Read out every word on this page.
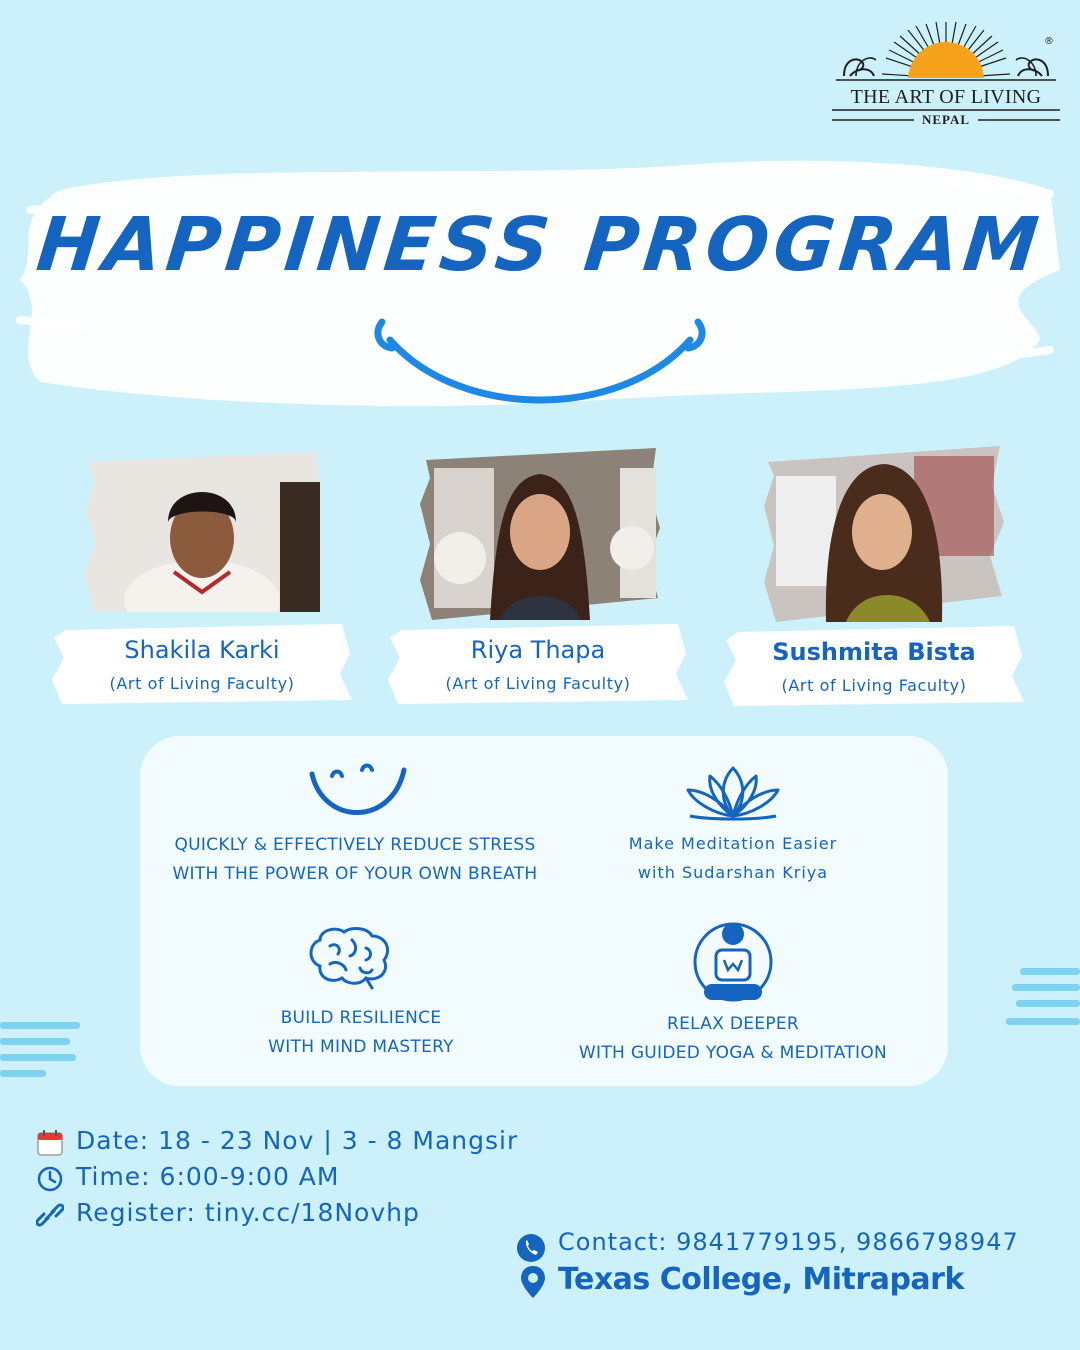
THE ART OF LIVING
NEPAL
®
HAPPINESS PROGRAM
Shakila Karki
(Art of Living Faculty)
Riya Thapa
(Art of Living Faculty)
Sushmita Bista
(Art of Living Faculty)
QUICKLY & EFFECTIVELY REDUCE STRESS
WITH THE POWER OF YOUR OWN BREATH
Make Meditation Easier
with Sudarshan Kriya
BUILD RESILIENCE
WITH MIND MASTERY
RELAX DEEPER
WITH GUIDED YOGA & MEDITATION
Date: 18 - 23 Nov | 3 - 8 Mangsir
Time: 6:00-9:00 AM
Register: tiny.cc/18Novhp
Contact: 9841779195, 9866798947
Texas College, Mitrapark
